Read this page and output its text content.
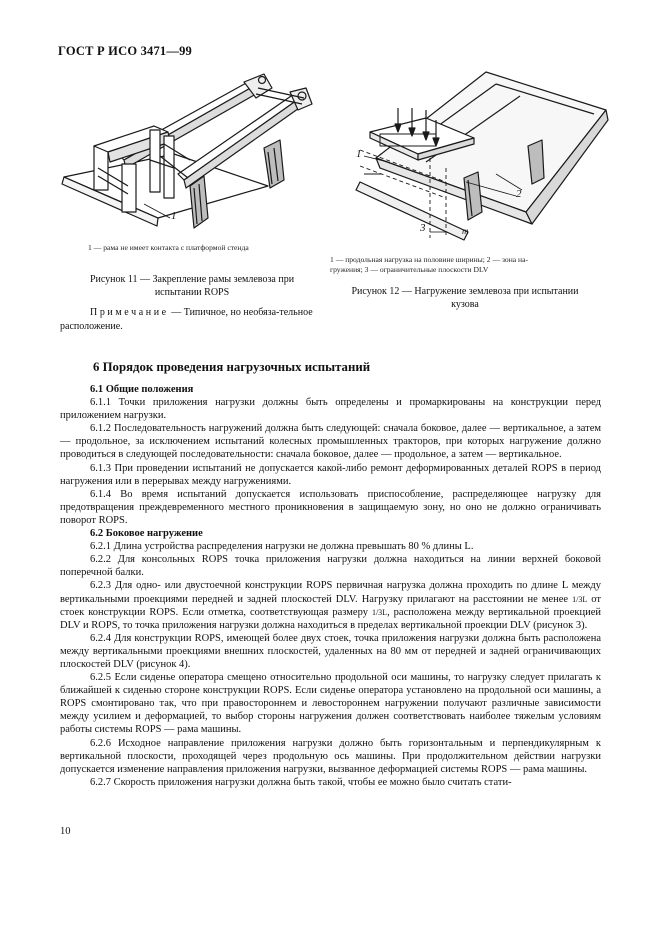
ГОСТ Р ИСО 3471—99
1
1 — рама не имеет контакта с платформой стенда
Рисунок 11 — Закрепление рамы землевоза при
испытании ROPS
1
2
3	m
1 — продольная нагрузка на половине ширины; 2 — зона на-
гружения; 3 — ограничительные плоскости DLV
Рисунок 12 — Нагружение землевоза при испытании
кузова
Примечание — Типичное, но необяза-тельное расположение.
6 Порядок проведения нагрузочных испытаний
6.1 Общие положения

6.1.1 Точки приложения нагрузки должны быть определены и промаркированы на конструкции перед приложением нагрузки.

6.1.2 Последовательность нагружений должна быть следующей: сначала боковое, далее — вертикальное, а затем — продольное, за исключением испытаний колесных промышленных тракторов, при которых нагружение должно проводиться в следующей последовательности: сначала боковое, далее — продольное, а затем — вертикальное.

6.1.3 При проведении испытаний не допускается какой-либо ремонт деформированных деталей ROPS в период нагружения или в перерывах между нагружениями.

6.1.4 Во время испытаний допускается использовать приспособление, распределяющее нагрузку для предотвращения преждевременного местного проникновения в защищаемую зону, но оно не должно ограничивать поворот ROPS.

6.2 Боковое нагружение

6.2.1 Длина устройства распределения нагрузки не должна превышать 80 % длины L.

6.2.2 Для консольных ROPS точка приложения нагрузки должна находиться на линии верхней боковой поперечной балки.

6.2.3 Для одно- или двустоечной конструкции ROPS первичная нагрузка должна проходить по длине L между вертикальными проекциями передней и задней плоскостей DLV. Нагрузку прилагают на расстоянии не менее 1/3L от стоек конструкции ROPS. Если отметка, соответствующая размеру 1/3L, расположена между вертикальной проекцией DLV и ROPS, то точка приложения нагрузки должна находиться в пределах вертикальной проекции DLV (рисунок 3).

6.2.4 Для конструкции ROPS, имеющей более двух стоек, точка приложения нагрузки должна быть расположена между вертикальными проекциями внешних плоскостей, удаленных на 80 мм от передней и задней ограничивающих плоскостей DLV (рисунок 4).

6.2.5 Если сиденье оператора смещено относительно продольной оси машины, то нагрузку следует прилагать к ближайшей к сиденью стороне конструкции ROPS. Если сиденье оператора установлено на продольной оси машины, а ROPS смонтировано так, что при правостороннем и левостороннем нагружении получают различные зависимости между усилием и деформацией, то выбор стороны нагружения должен соответствовать наиболее тяжелым условиям работы системы ROPS — рама машины.

6.2.6 Исходное направление приложения нагрузки должно быть горизонтальным и перпендикулярным к вертикальной плоскости, проходящей через продольную ось машины. При продолжительном действии нагрузки допускается изменение направления приложения нагрузки, вызванное деформацией системы ROPS — рама машины.

6.2.7 Скорость приложения нагрузки должна быть такой, чтобы ее можно было считать стати-

10
